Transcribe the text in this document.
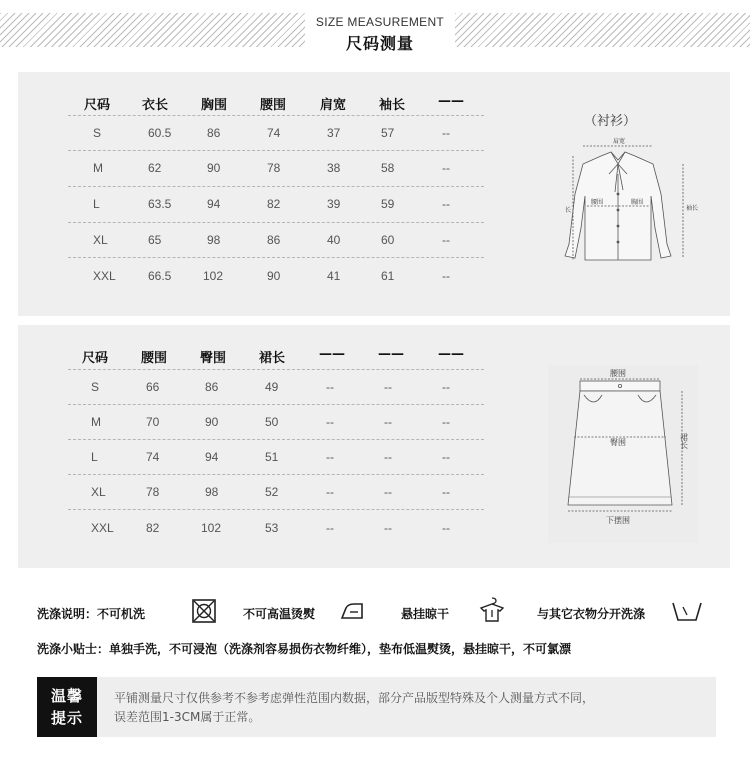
SIZE MEASUREMENT
尺码测量
尺码 衣长	胸围	腰围	肩宽	袖长	——
S	60.5	86	74	37	57	--
M	62	90	78	38	58	--
L	63.5	94	82	39	59	--
XL	65	98	86	40	60	--
XXL	66.5	102	90	41	61	--
（衬衫）
肩宽
长
腰围	胸围
袖长
尺码	腰围	臀围	裙长	——	——	——
S	66	86	49	--	--	--
M	70	90	50	--	--	--
L	74	94	51	--	--	--
XL	78	98	52	--	--	--
XXL	82	102	53	--	--	--
腰围
臀围	裙长
下摆围
洗涤说明：不可机洗	不可高温烫熨	悬挂晾干	与其它衣物分开洗涤
洗涤小贴士：单独手洗，不可浸泡（洗涤剂容易损伤衣物纤维），垫布低温熨烫，悬挂晾干，不可氯漂
温馨
提示
平铺测量尺寸仅供参考不参考虑弹性范围内数据，部分产品版型特殊及个人测量方式不同，
误差范围1-3CM属于正常。
